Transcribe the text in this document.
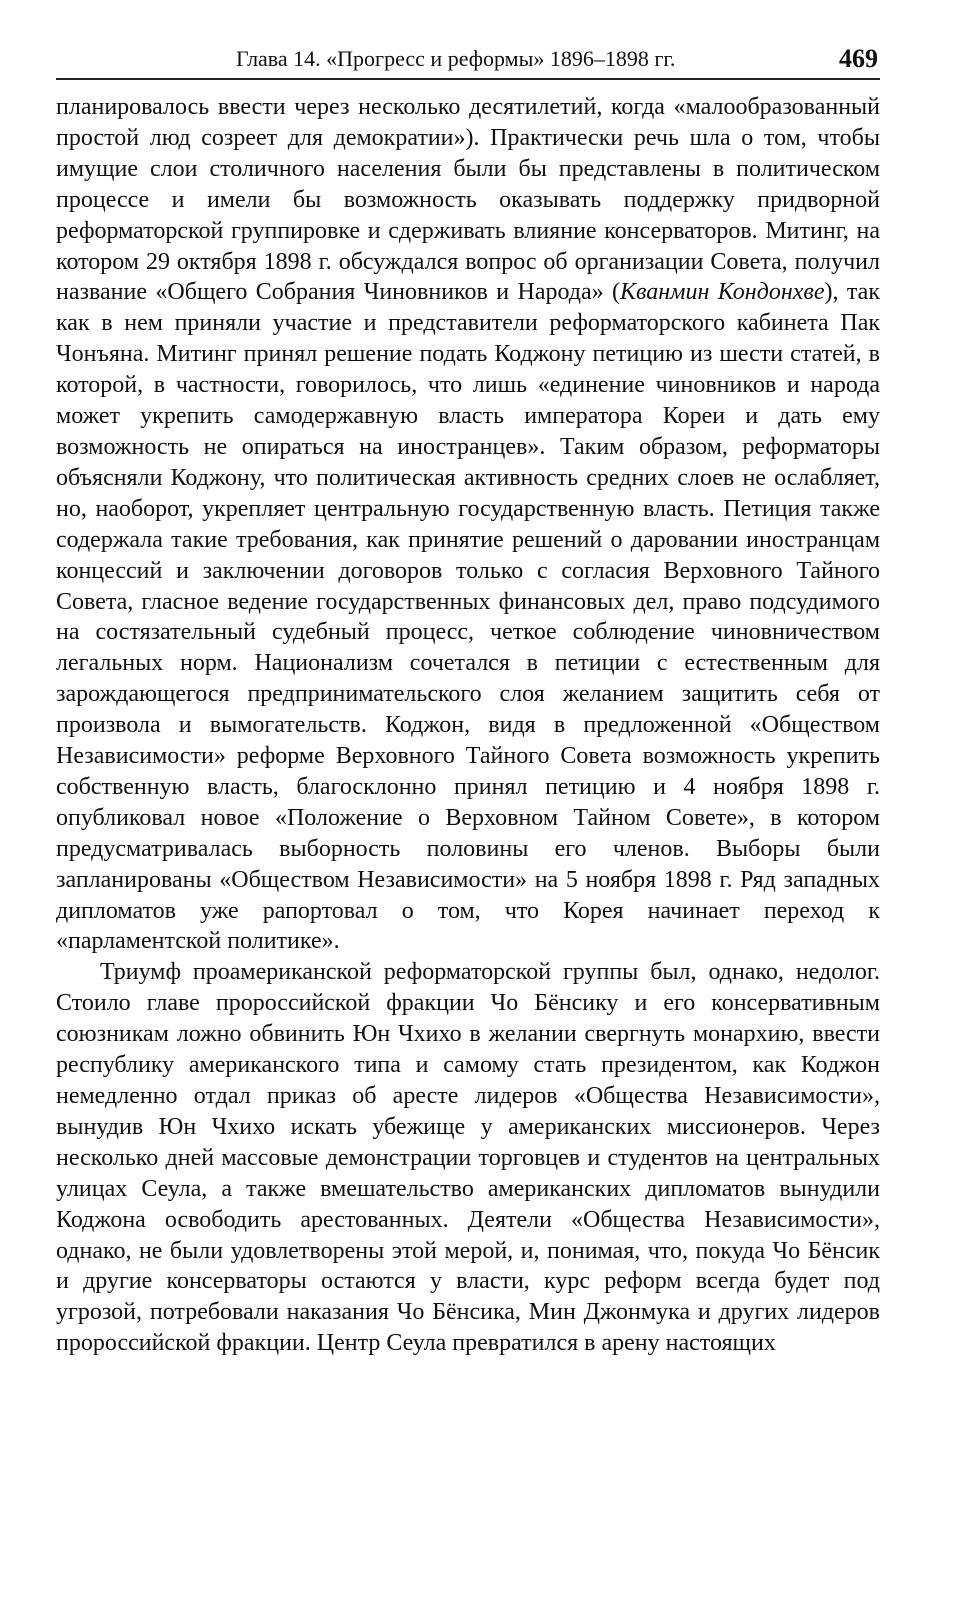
Глава 14. «Прогресс и реформы» 1896–1898 гг.	469

планировалось ввести через несколько десятилетий, когда «малообразованный простой люд созреет для демократии»). Практически речь шла о том, чтобы имущие слои столичного населения были бы представлены в политическом процессе и имели бы возможность оказывать поддержку придворной реформаторской группировке и сдерживать влияние консерваторов. Митинг, на котором 29 октября 1898 г. обсуждался вопрос об организации Совета, получил название «Общего Собрания Чиновников и Народа» (Кванмин Кондонхве), так как в нем приняли участие и представители реформаторского кабинета Пак Чонъяна. Митинг принял решение подать Коджону петицию из шести статей, в которой, в частности, говорилось, что лишь «единение чиновников и народа может укрепить самодержавную власть императора Кореи и дать ему возможность не опираться на иностранцев». Таким образом, реформаторы объясняли Коджону, что политическая активность средних слоев не ослабляет, но, наоборот, укрепляет центральную государственную власть. Петиция также содержала такие требования, как принятие решений о даровании иностранцам концессий и заключении договоров только с согласия Верховного Тайного Совета, гласное ведение государственных финансовых дел, право подсудимого на состязательный судебный процесс, четкое соблюдение чиновничеством легальных норм. Национализм сочетался в петиции с естественным для зарождающегося предпринимательского слоя желанием защитить себя от произвола и вымогательств. Коджон, видя в предложенной «Обществом Независимости» реформе Верховного Тайного Совета возможность укрепить собственную власть, благосклонно принял петицию и 4 ноября 1898 г. опубликовал новое «Положение о Верховном Тайном Совете», в котором предусматривалась выборность половины его членов. Выборы были запланированы «Обществом Независимости» на 5 ноября 1898 г. Ряд западных дипломатов уже рапортовал о том, что Корея начинает переход к «парламентской политике».

Триумф проамериканской реформаторской группы был, однако, недолог. Стоило главе пророссийской фракции Чо Бёнсику и его консервативным союзникам ложно обвинить Юн Чхихо в желании свергнуть монархию, ввести республику американского типа и самому стать президентом, как Коджон немедленно отдал приказ об аресте лидеров «Общества Независимости», вынудив Юн Чхихо искать убежище у американских миссионеров. Через несколько дней массовые демонстрации торговцев и студентов на центральных улицах Сеула, а также вмешательство американских дипломатов вынудили Коджона освободить арестованных. Деятели «Общества Независимости», однако, не были удовлетворены этой мерой, и, понимая, что, покуда Чо Бёнсик и другие консерваторы остаются у власти, курс реформ всегда будет под угрозой, потребовали наказания Чо Бёнсика, Мин Джонмука и других лидеров пророссийской фракции. Центр Сеула превратился в арену настоящих
